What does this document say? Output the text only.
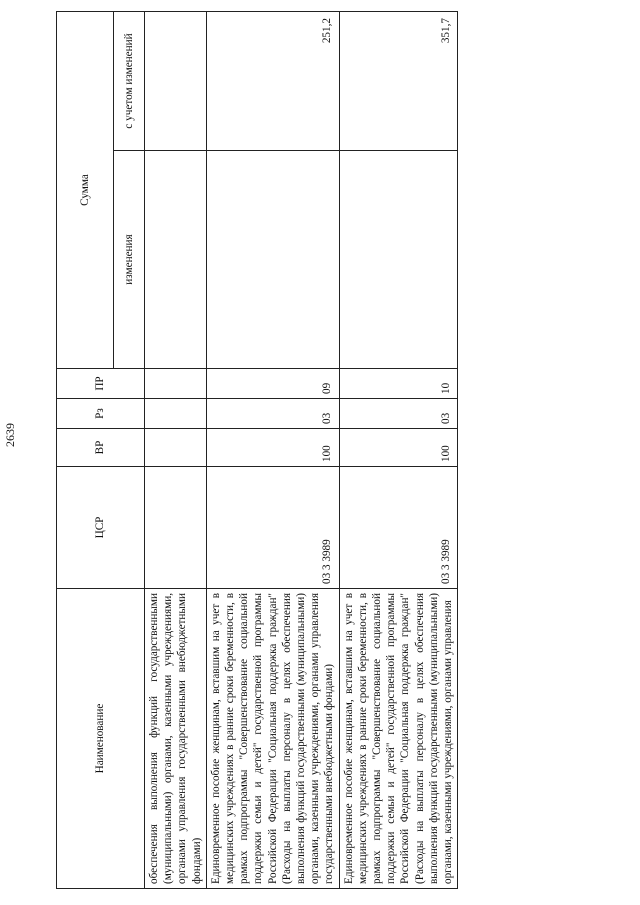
2639
Наименование	ЦСР	ВР	Рз	ПР	Сумма	
					изменения	с учетом изменений
обеспечения выполнения функций государственными (муниципальными) органами, казенными учреждениями, органами управления государственными внебюджетными фондами)						
Единовременное пособие женщинам, вставшим на учет в медицинских учреждениях в ранние сроки беременности, в рамках подпрограммы "Совершенствование социальной поддержки семьи и детей" государственной программы Российской Федерации "Социальная поддержка граждан" (Расходы на выплаты персоналу в целях обеспечения выполнения функций государственными (муниципальными) органами, казенными учреждениями, органами управления государственными внебюджетными фондами)	03 3 3989	100	03	09		251,2
Единовременное пособие женщинам, вставшим на учет в медицинских учреждениях в ранние сроки беременности, в рамках подпрограммы "Совершенствование социальной поддержки семьи и детей" государственной программы Российской Федерации "Социальная поддержка граждан" (Расходы на выплаты персоналу в целях обеспечения выполнения функций государственными (муниципальными) органами, казенными учреждениями, органами управления	03 3 3989	100	03	10		351,7
